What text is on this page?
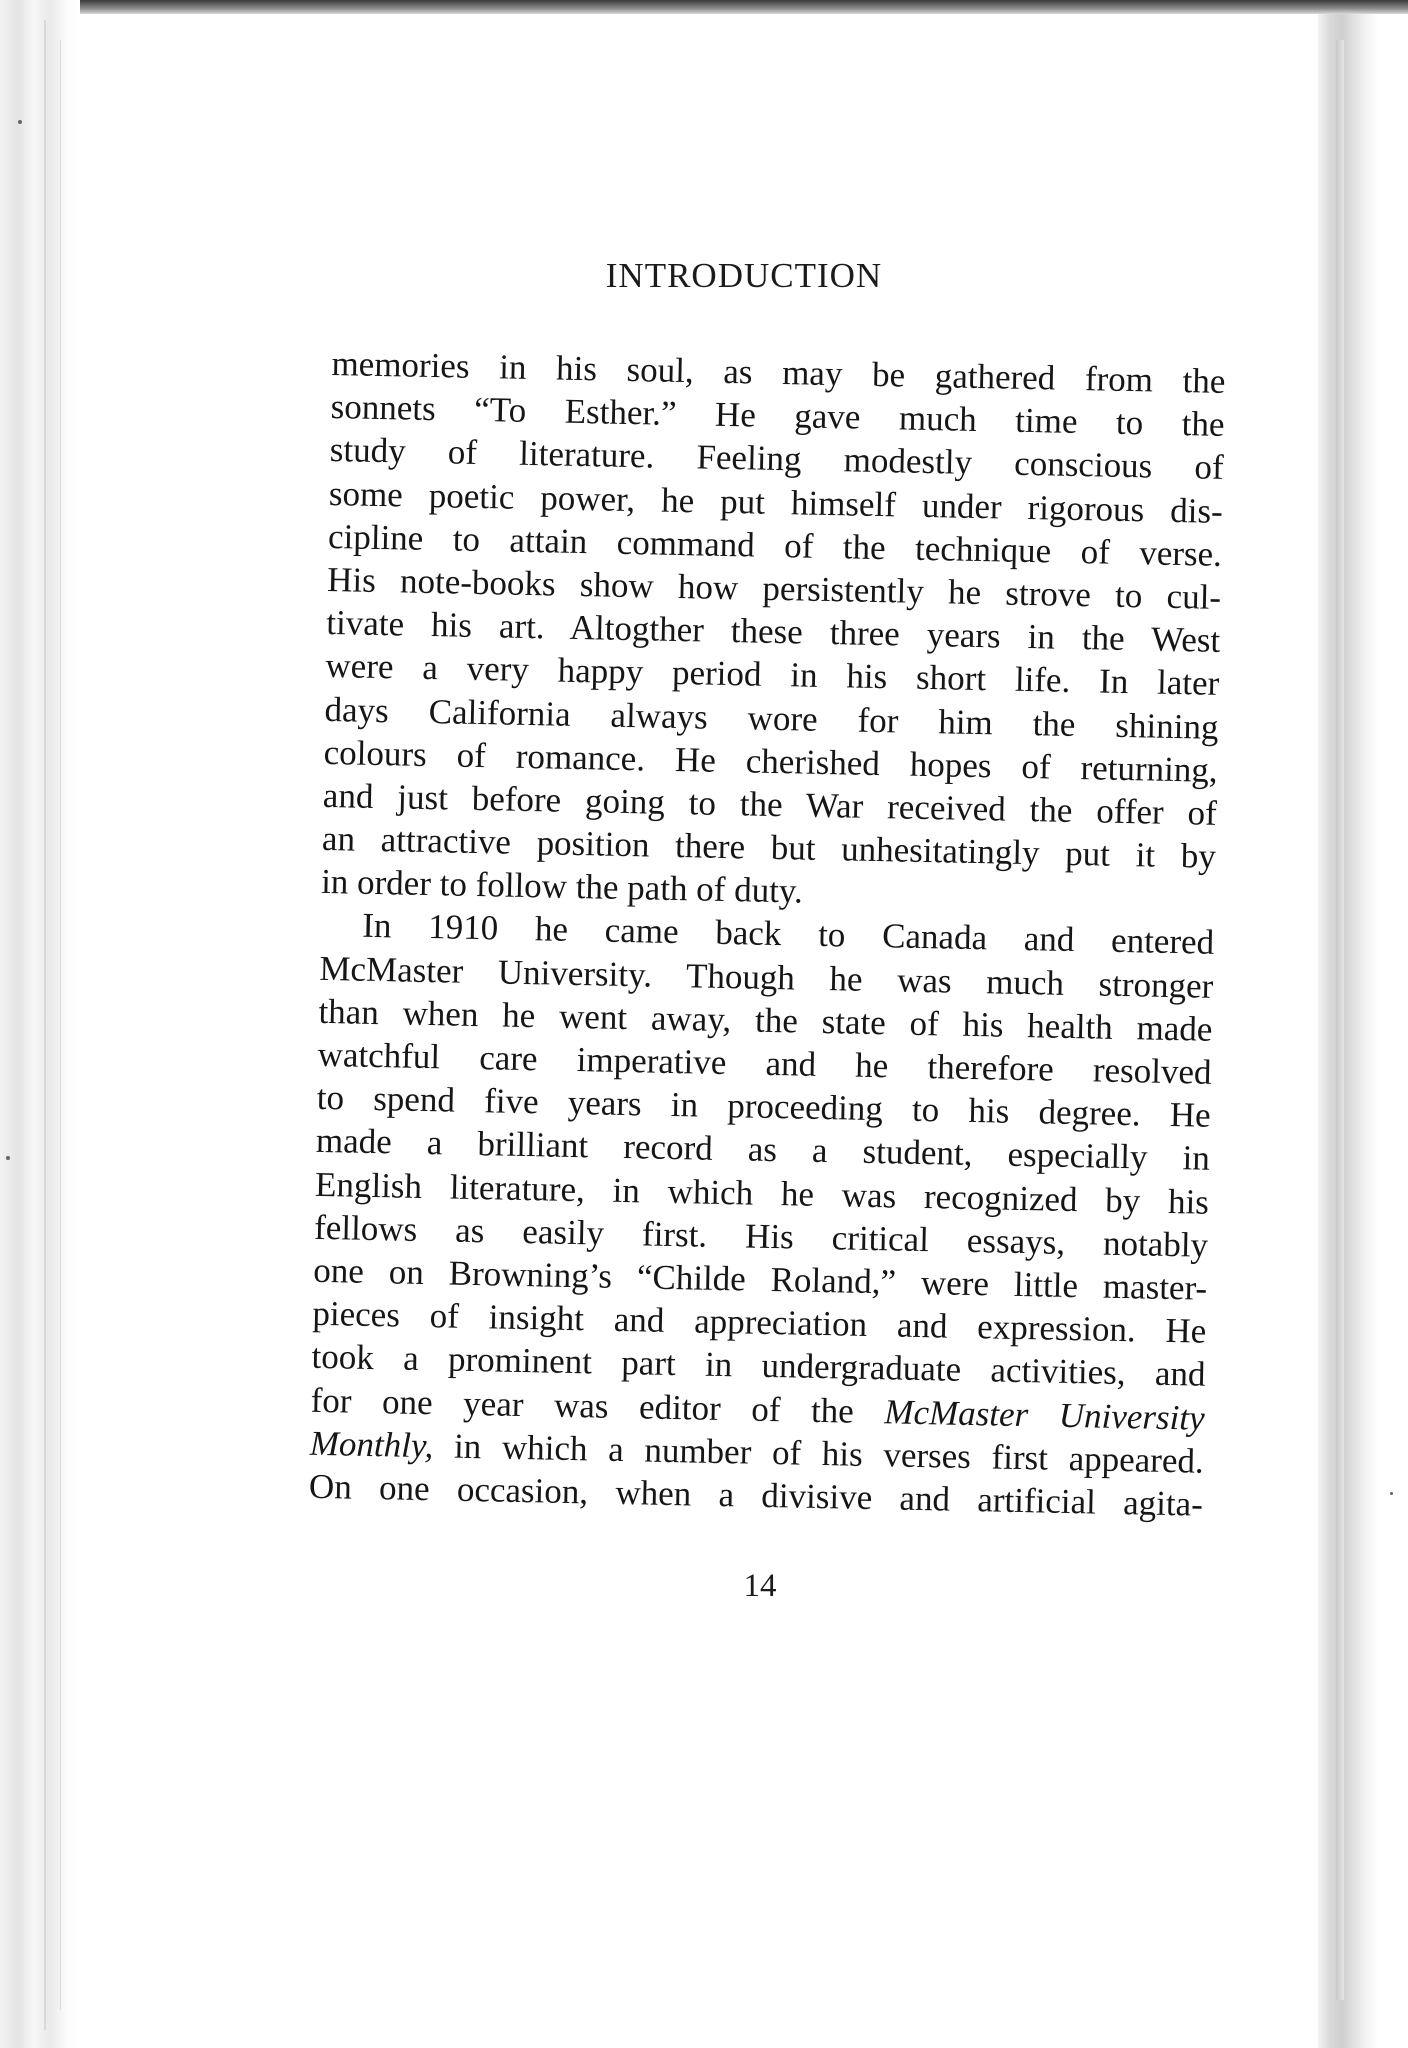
INTRODUCTION
memories in his soul, as may be gathered from the
sonnets “To Esther.” He gave much time to the
study of literature. Feeling modestly conscious of
some poetic power, he put himself under rigorous dis-
cipline to attain command of the technique of verse.
His note-books show how persistently he strove to cul-
tivate his art. Altogther these three years in the West
were a very happy period in his short life. In later
days California always wore for him the shining
colours of romance. He cherished hopes of returning,
and just before going to the War received the offer of
an attractive position there but unhesitatingly put it by
in order to follow the path of duty.
In 1910 he came back to Canada and entered
McMaster University. Though he was much stronger
than when he went away, the state of his health made
watchful care imperative and he therefore resolved
to spend five years in proceeding to his degree. He
made a brilliant record as a student, especially in
English literature, in which he was recognized by his
fellows as easily first. His critical essays, notably
one on Browning’s “Childe Roland,” were little master-
pieces of insight and appreciation and expression. He
took a prominent part in undergraduate activities, and
for one year was editor of the McMaster University
Monthly, in which a number of his verses first appeared.
On one occasion, when a divisive and artificial agita-
14
